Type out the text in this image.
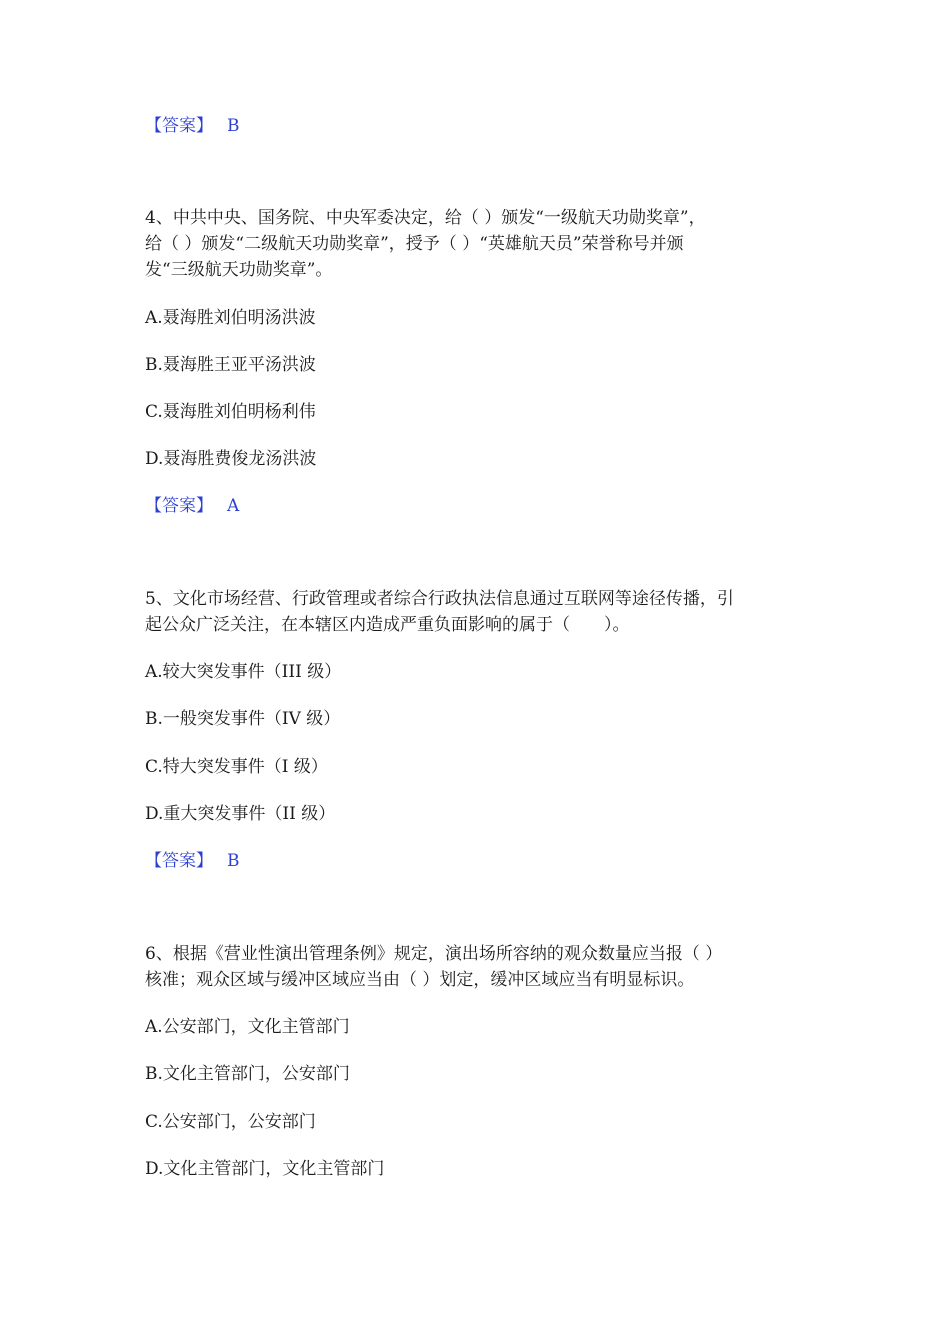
【答案】 B
4、中共中央、国务院、中央军委决定，给（ ）颁发“一级航天功勋奖章”，
给（ ）颁发“二级航天功勋奖章”，授予（ ）“英雄航天员”荣誉称号并颁
发“三级航天功勋奖章”。
A.聂海胜刘伯明汤洪波
B.聂海胜王亚平汤洪波
C.聂海胜刘伯明杨利伟
D.聂海胜费俊龙汤洪波
【答案】 A
5、文化市场经营、行政管理或者综合行政执法信息通过互联网等途径传播，引
起公众广泛关注，在本辖区内造成严重负面影响的属于（　　）。
A.较大突发事件（III 级）
B.一般突发事件（IV 级）
C.特大突发事件（I 级）
D.重大突发事件（II 级）
【答案】 B
6、根据《营业性演出管理条例》规定，演出场所容纳的观众数量应当报（ ）
核准；观众区域与缓冲区域应当由（ ）划定，缓冲区域应当有明显标识。
A.公安部门，文化主管部门
B.文化主管部门，公安部门
C.公安部门，公安部门
D.文化主管部门，文化主管部门
